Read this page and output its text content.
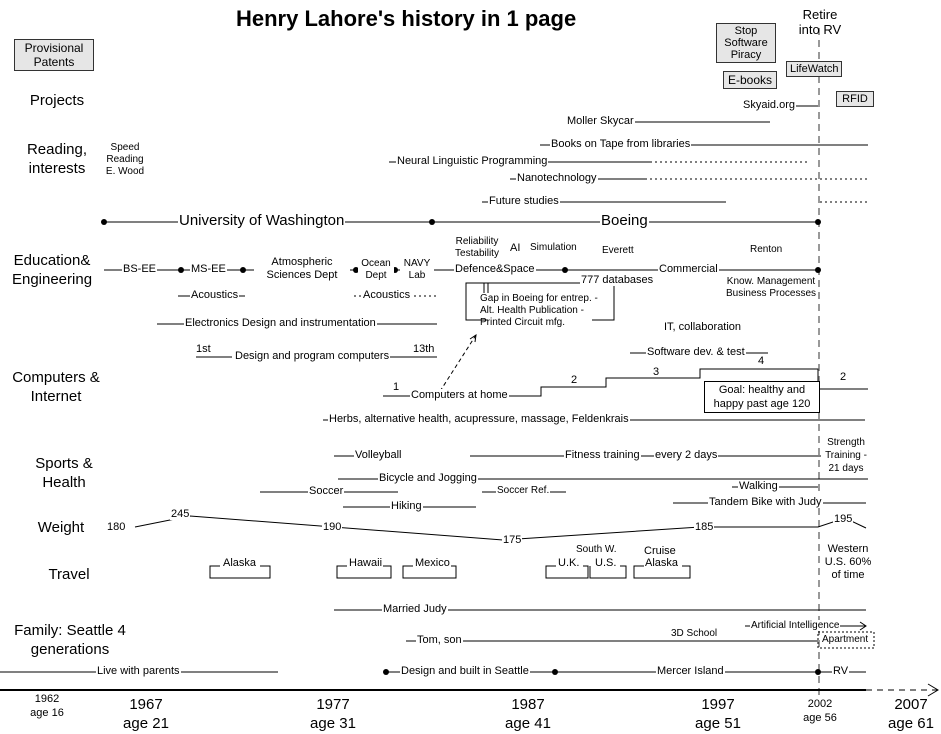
Henry Lahore's history in 1 page
Provisional Patents
Projects
Reading, interests
Education& Engineering
Computers & Internet
Sports & Health
Weight
Travel
Family: Seattle 4 generations
Retire into RV
Stop Software Piracy
E-books
LifeWatch
RFID
Skyaid.org
Moller Skycar
Speed Reading E. Wood
Books on Tape from libraries
Neural Linguistic Programming
Nanotechnology
Future studies
University of Washington	Boeing
BS-EE	MS-EE
Atmospheric Sciences Dept
Ocean Dept
NAVY Lab
Reliability Testability	AI Simulation	Everett	Renton
Defence&Space
777 databases
Commercial
Know. Management Business Processes
Acoustics	Acoustics	Gap in Boeing for entrep. - Alt. Health Publication - Printed Circuit mfg.
Electronics Design and instrumentation	IT, collaboration
1st	13th
Design and program computers	Software dev. & test
Computers at home
1
2
3
4
2
Goal: healthy and happy past age 120
Herbs, alternative health, acupressure, massage, Feldenkrais
Volleyball	Fitness training every 2 days
Strength Training - 21 days
Bicycle and Jogging
Walking
Soccer	Soccer Ref.
Hiking	Tandem Bike with Judy
180
245
190
175
185
195
Alaska	Hawaii	Mexico	U.K.
South W.
U.S.
Cruise
Alaska
Western U.S. 60% of time
Married Judy
Artificial Intelligence
Tom, son
3D School
Apartment
Live with parents	Design and built in Seattle	Mercer Island	RV
1962
age 16	1967
age 21
1977
age 31
1987
age 41
1997
age 51
2002
age 56
2007
age 61
